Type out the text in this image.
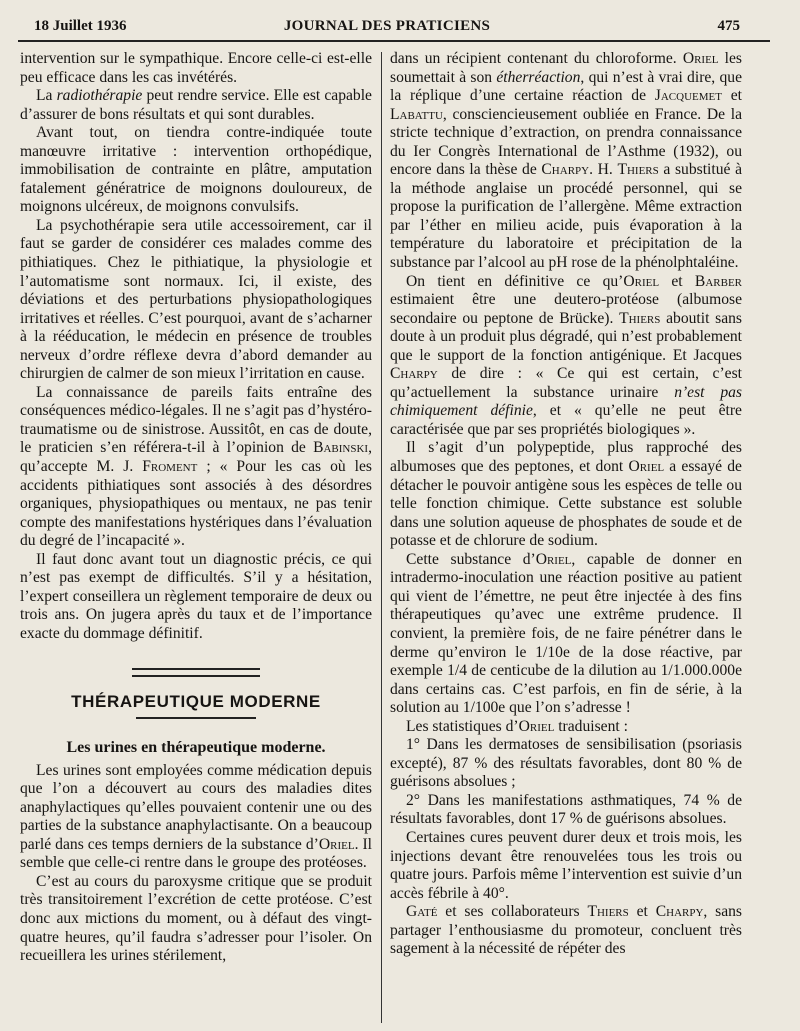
18 Juillet 1936	JOURNAL DES PRATICIENS	475

intervention sur le sympathique. Encore celle-ci est-elle peu efficace dans les cas invétérés.

La radiothérapie peut rendre service. Elle est capable d’assurer de bons résultats et qui sont durables.

Avant tout, on tiendra contre-indiquée toute manœuvre irritative : intervention orthopédique, immobilisation de contrainte en plâtre, amputation fatalement génératrice de moignons douloureux, de moignons ulcéreux, de moignons convulsifs.

La psychothérapie sera utile accessoirement, car il faut se garder de considérer ces malades comme des pithiatiques. Chez le pithiatique, la physiologie et l’automatisme sont normaux. Ici, il existe, des déviations et des perturbations physiopathologiques irritatives et réelles. C’est pourquoi, avant de s’acharner à la rééducation, le médecin en présence de troubles nerveux d’ordre réflexe devra d’abord demander au chirurgien de calmer de son mieux l’irritation en cause.

La connaissance de pareils faits entraîne des conséquences médico-légales. Il ne s’agit pas d’hystéro-traumatisme ou de sinistrose. Aussitôt, en cas de doute, le praticien s’en référera-t-il à l’opinion de Babinski, qu’accepte M. J. Froment ; « Pour les cas où les accidents pithiatiques sont associés à des désordres organiques, physiopathiques ou mentaux, ne pas tenir compte des manifestations hystériques dans l’évaluation du degré de l’incapacité ».

Il faut donc avant tout un diagnostic précis, ce qui n’est pas exempt de difficultés. S’il y a hésitation, l’expert conseillera un règlement temporaire de deux ou trois ans. On jugera après du taux et de l’importance exacte du dommage définitif.

THÉRAPEUTIQUE MODERNE
Les urines en thérapeutique moderne.

Les urines sont employées comme médication depuis que l’on a découvert au cours des maladies dites anaphylactiques qu’elles pouvaient contenir une ou des parties de la substance anaphylactisante. On a beaucoup parlé dans ces temps derniers de la substance d’Oriel. Il semble que celle-ci rentre dans le groupe des protéoses.

C’est au cours du paroxysme critique que se produit très transitoirement l’excrétion de cette protéose. C’est donc aux mictions du moment, ou à défaut des vingt-quatre heures, qu’il faudra s’adresser pour l’isoler. On recueillera les urines stérilement,

dans un récipient contenant du chloroforme. Oriel les soumettait à son étherréaction, qui n’est à vrai dire, que la réplique d’une certaine réaction de Jacquemet et Labattu, consciencieusement oubliée en France. De la stricte technique d’extraction, on prendra connaissance du Ier Congrès International de l’Asthme (1932), ou encore dans la thèse de Charpy. H. Thiers a substitué à la méthode anglaise un procédé personnel, qui se propose la purification de l’allergène. Même extraction par l’éther en milieu acide, puis évaporation à la température du laboratoire et précipitation de la substance par l’alcool au pH rose de la phénolphtaléine.

On tient en définitive ce qu’Oriel et Barber estimaient être une deutero-protéose (albumose secondaire ou peptone de Brücke). Thiers aboutit sans doute à un produit plus dégradé, qui n’est probablement que le support de la fonction antigénique. Et Jacques Charpy de dire : « Ce qui est certain, c’est qu’actuellement la substance urinaire n’est pas chimiquement définie, et « qu’elle ne peut être caractérisée que par ses propriétés biologiques ».

Il s’agit d’un polypeptide, plus rapproché des albumoses que des peptones, et dont Oriel a essayé de détacher le pouvoir antigène sous les espèces de telle ou telle fonction chimique. Cette substance est soluble dans une solution aqueuse de phosphates de soude et de potasse et de chlorure de sodium.

Cette substance d’Oriel, capable de donner en intradermo-inoculation une réaction positive au patient qui vient de l’émettre, ne peut être injectée à des fins thérapeutiques qu’avec une extrême prudence. Il convient, la première fois, de ne faire pénétrer dans le derme qu’environ le 1/10e de la dose réactive, par exemple 1/4 de centicube de la dilution au 1/1.000.000e dans certains cas. C’est parfois, en fin de série, à la solution au 1/100e que l’on s’adresse !

Les statistiques d’Oriel traduisent :

1° Dans les dermatoses de sensibilisation (psoriasis excepté), 87 % des résultats favorables, dont 80 % de guérisons absolues ;

2° Dans les manifestations asthmatiques, 74 % de résultats favorables, dont 17 % de guérisons absolues.

Certaines cures peuvent durer deux et trois mois, les injections devant être renouvelées tous les trois ou quatre jours. Parfois même l’intervention est suivie d’un accès fébrile à 40°.

Gaté et ses collaborateurs Thiers et Charpy, sans partager l’enthousiasme du promoteur, concluent très sagement à la nécessité de répéter des
